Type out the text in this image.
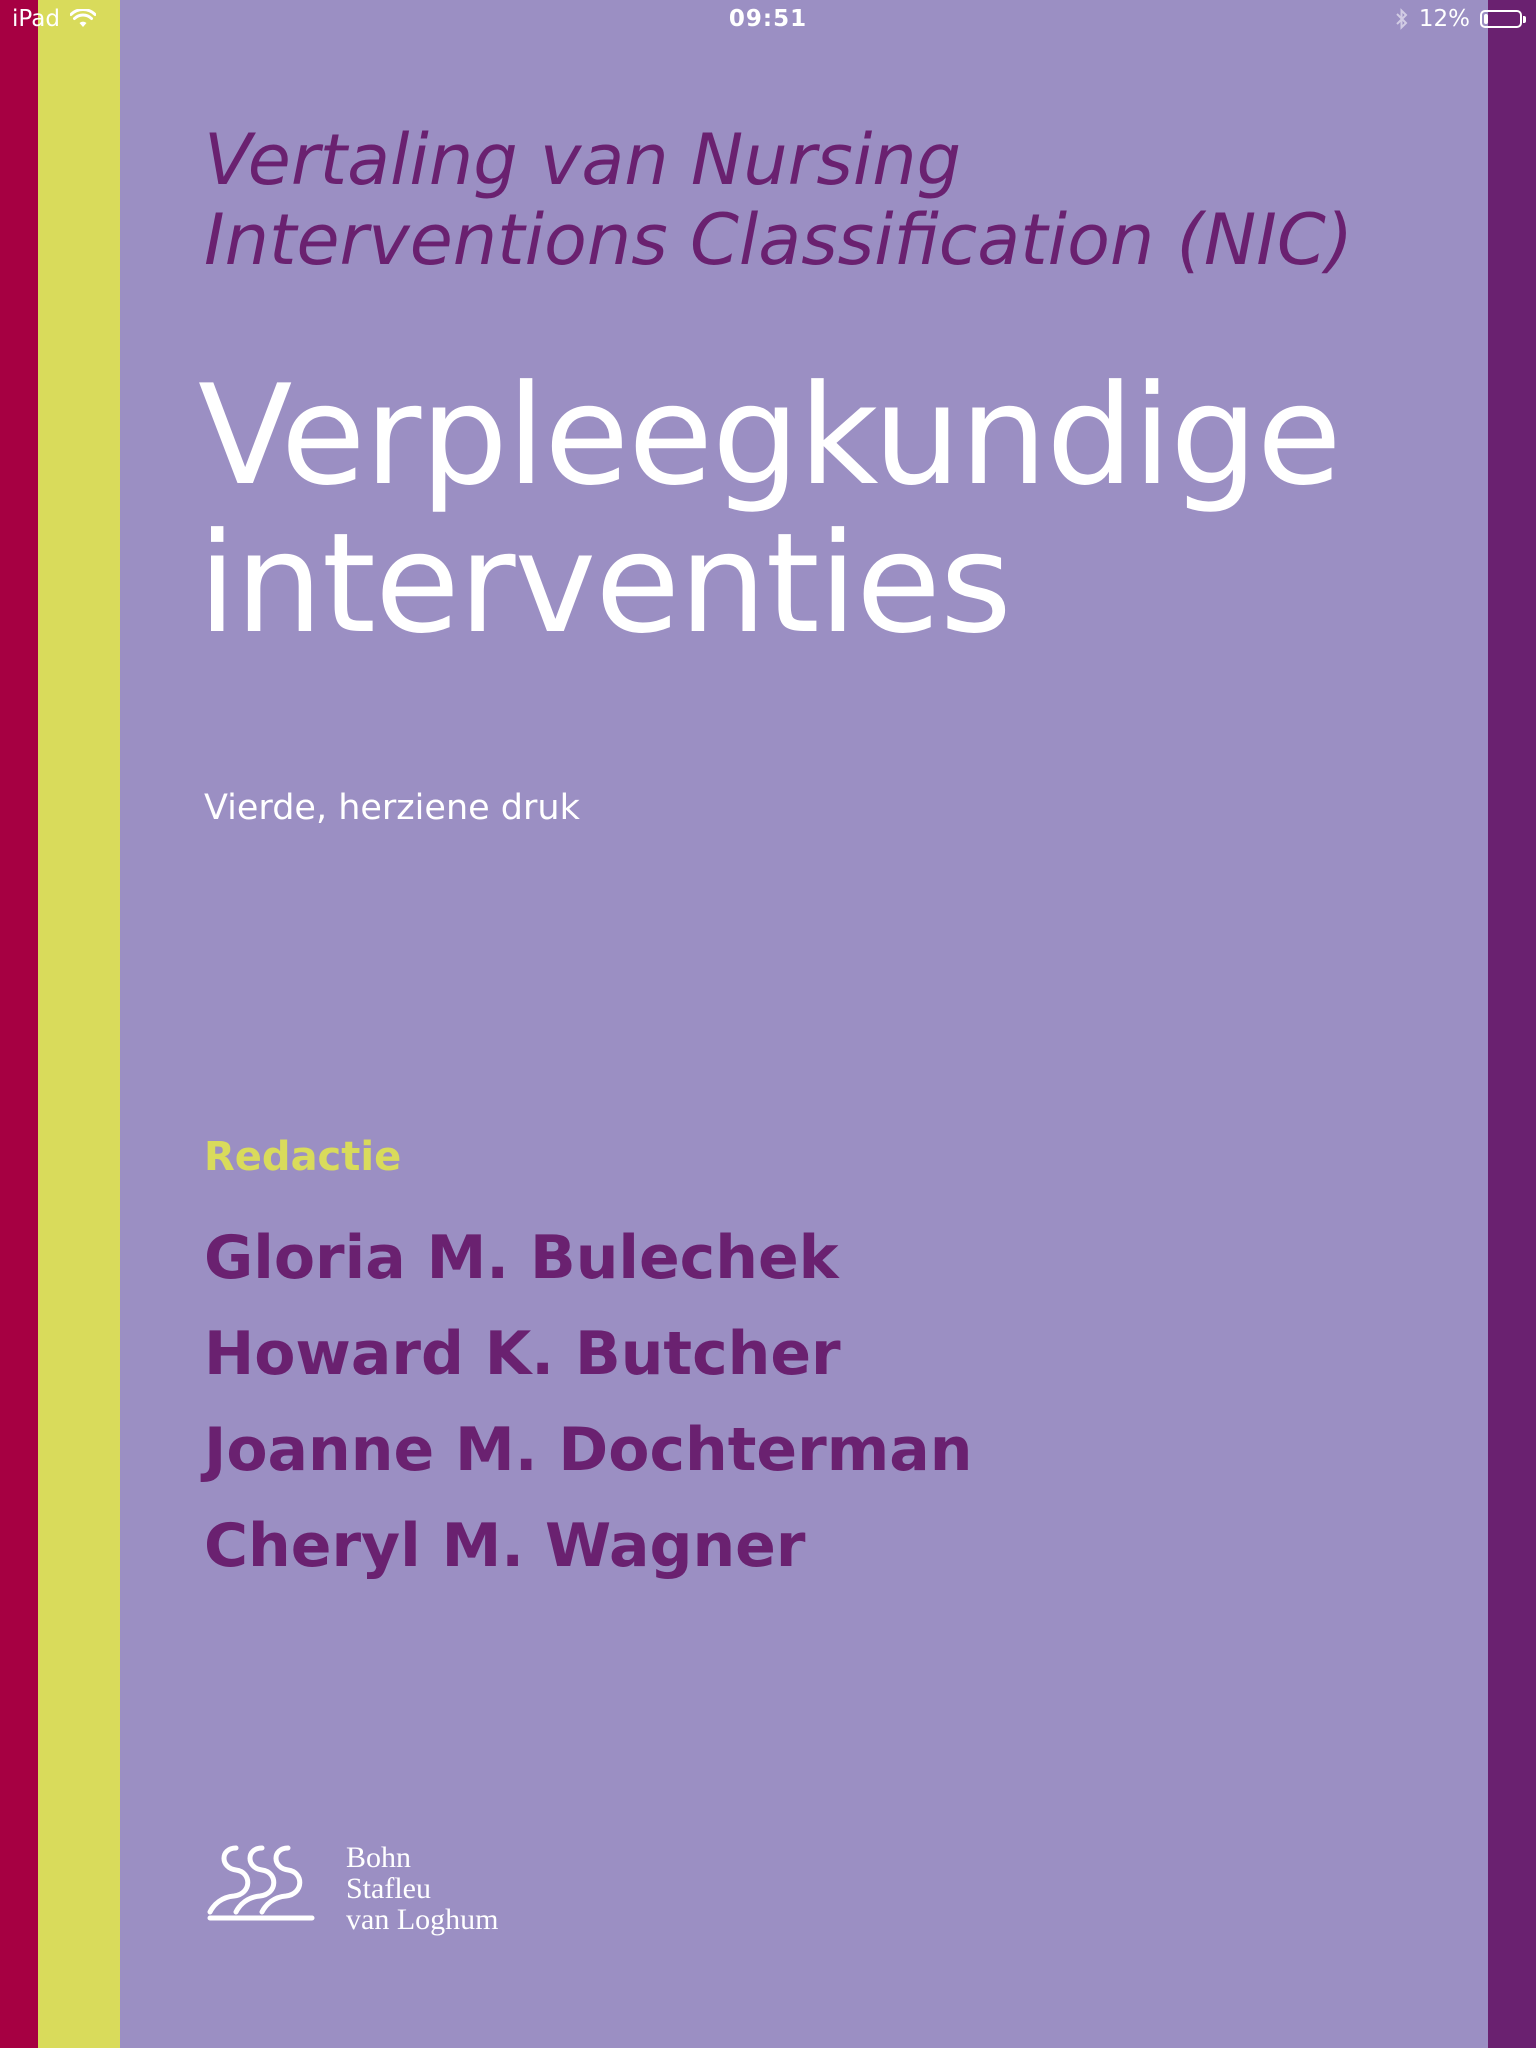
iPad	09:51	12%
Vertaling van Nursing
Interventions Classification (NIC)
Verpleegkundige
interventies
Vierde, herziene druk
Redactie
Gloria M. Bulechek
Howard K. Butcher
Joanne M. Dochterman
Cheryl M. Wagner
Bohn
Stafleu
van Loghum
